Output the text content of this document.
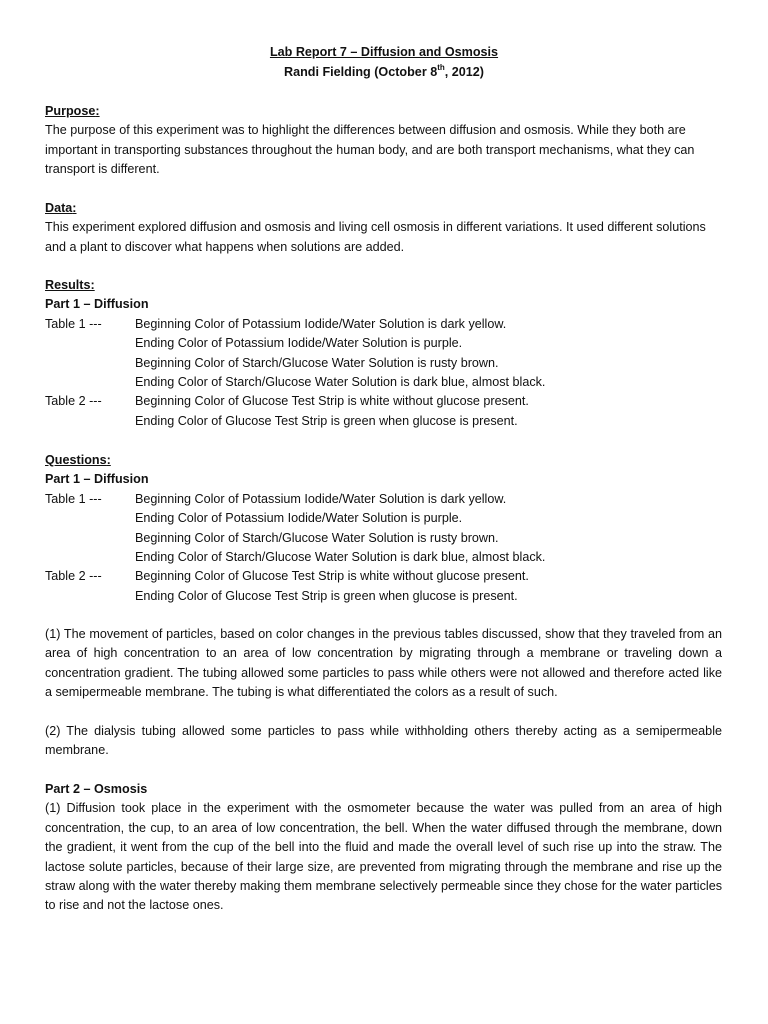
Lab Report 7 – Diffusion and Osmosis
Randi Fielding (October 8th, 2012)
Purpose:

The purpose of this experiment was to highlight the differences between diffusion and osmosis. While they both are important in transporting substances throughout the human body, and are both transport mechanisms, what they can transport is different.

Data:

This experiment explored diffusion and osmosis and living cell osmosis in different variations. It used different solutions and a plant to discover what happens when solutions are added.

Results:
Part 1 – Diffusion
Table 1 ---	Beginning Color of Potassium Iodide/Water Solution is dark yellow.
Ending Color of Potassium Iodide/Water Solution is purple.
Beginning Color of Starch/Glucose Water Solution is rusty brown.
Ending Color of Starch/Glucose Water Solution is dark blue, almost black.
Table 2 ---	Beginning Color of Glucose Test Strip is white without glucose present.
Ending Color of Glucose Test Strip is green when glucose is present.
Questions:
Part 1 – Diffusion
Table 1 ---	Beginning Color of Potassium Iodide/Water Solution is dark yellow.
Ending Color of Potassium Iodide/Water Solution is purple.
Beginning Color of Starch/Glucose Water Solution is rusty brown.
Ending Color of Starch/Glucose Water Solution is dark blue, almost black.
Table 2 ---	Beginning Color of Glucose Test Strip is white without glucose present.
Ending Color of Glucose Test Strip is green when glucose is present.

(1) The movement of particles, based on color changes in the previous tables discussed, show that they traveled from an area of high concentration to an area of low concentration by migrating through a membrane or traveling down a concentration gradient. The tubing allowed some particles to pass while others were not allowed and therefore acted like a semipermeable membrane. The tubing is what differentiated the colors as a result of such.

(2) The dialysis tubing allowed some particles to pass while withholding others thereby acting as a semipermeable membrane.

Part 2 – Osmosis

(1) Diffusion took place in the experiment with the osmometer because the water was pulled from an area of high concentration, the cup, to an area of low concentration, the bell. When the water diffused through the membrane, down the gradient, it went from the cup of the bell into the fluid and made the overall level of such rise up into the straw. The lactose solute particles, because of their large size, are prevented from migrating through the membrane and rise up the straw along with the water thereby making them membrane selectively permeable since they chose for the water particles to rise and not the lactose ones.
